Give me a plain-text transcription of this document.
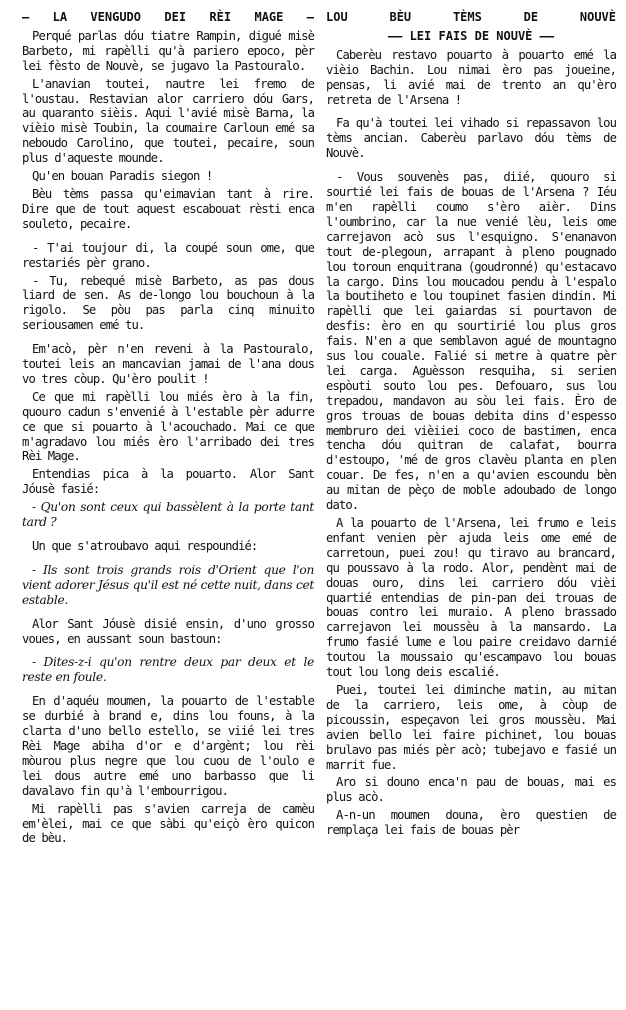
— LA VENGUDO DEI RÈI MAGE —
Perqué parlas dóu tiatre Rampin, digué misè Barbeto, mi rapèlli qu'à pariero epoco, pèr lei fèsto de Nouvè, se jugavo la Pastouralo.
L'anavian toutei, nautre lei fremo de l'oustau. Restavian alor carriero dóu Gars, au quaranto sièis. Aqui l'avié misè Barna, la vièio misè Toubin, la coumaire Carloun emé sa neboudo Carolino, que toutei, pecaire, soun plus d'aqueste mounde.
Qu'en bouan Paradis siegon !
Bèu tèms passa qu'eimavian tant à rire. Dire que de tout aquest escabouat rèsti enca souleto, pecaire.
- T'ai toujour di, la coupé soun ome, que restariés pèr grano.
- Tu, rebequé misè Barbeto, as pas dous liard de sen. As de-longo lou bouchoun à la rigolo. Se pòu pas parla cinq minuito seriousamen emé tu.
Em'acò, pèr n'en reveni à la Pastouralo, toutei leis an mancavian jamai de l'ana dous vo tres còup. Qu'èro poulit !
Ce que mi rapèlli lou miés èro à la fin, quouro cadun s'envenié à l'estable pèr adurre ce que si pouarto à l'acouchado. Mai ce que m'agradavo lou miés èro l'arribado dei tres Rèi Mage.
Entendias pica à la pouarto. Alor Sant Jóusè fasié:
- Qu'on sont ceux qui bassèlent à la porte tant tard ?
Un que s'atroubavo aqui respoundié:
- Ils sont trois grands rois d'Orient que l'on vient adorer Jésus qu'il est né cette nuit, dans cet estable.
Alor Sant Jóusè disié ensin, d'uno grosso voues, en aussant soun bastoun:
- Dites-z-i qu'on rentre deux par deux et le reste en foule.
En d'aquéu moumen, la pouarto de l'estable se durbié à brand e, dins lou founs, à la clarta d'uno bello estello, se viié lei tres Rèi Mage abiha d'or e d'argènt; lou rèi mòurou plus negre que lou cuou de l'oulo e lei dous autre emé uno barbasso que li davalavo fin qu'à l'embourrigou.
Mi rapèlli pas s'avien carreja de camèu em'èlei, mai ce que sàbi qu'eiçò èro quicon de bèu.
LOU BÈU TÈMS DE NOUVÈ
—— LEI FAIS DE NOUVÈ ——
Caberèu restavo pouarto à pouarto emé la vièio Bachin. Lou nimai èro pas joueine, pensas, li avié mai de trento an qu'èro retreta de l'Arsena !
Fa qu'à toutei lei vihado si repassavon lou tèms ancian. Caberèu parlavo dóu tèms de Nouvè.
- Vous souvenès pas, diié, quouro si sourtié lei fais de bouas de l'Arsena ? Iéu m'en rapèlli coumo s'èro aièr. Dins l'oumbrino, car la nue venié lèu, leis ome carrejavon acò sus l'esquigno. S'enanavon tout de-plegoun, arrapant à pleno pougnado lou toroun enquitrana (goudronné) qu'estacavo la cargo. Dins lou moucadou pendu à l'espalo la boutiheto e lou toupinet fasien dindin. Mi rapèlli que lei gaiardas si pourtavon de desfis: èro en qu sourtirié lou plus gros fais. N'en a que semblavon agué de mountagno sus lou couale. Falié si metre à quatre pèr lei carga. Aguèsson resquiha, si serien espòuti souto lou pes. Defouaro, sus lou trepadou, mandavon au sòu lei fais. Èro de gros trouas de bouas debita dins d'espesso membruro dei vièiiei coco de bastimen, enca tencha dóu quitran de calafat, bourra d'estoupo, 'mé de gros clavèu planta en plen couar. De fes, n'en a qu'avien escoundu bèn au mitan de pèço de moble adoubado de longo dato.
A la pouarto de l'Arsena, lei frumo e leis enfant venien pèr ajuda leis ome emé de carretoun, puei zou! qu tiravo au brancard, qu poussavo à la rodo. Alor, pendènt mai de douas ouro, dins lei carriero dóu vièi quartié entendias de pin-pan dei trouas de bouas contro lei muraio. A pleno brassado carrejavon lei moussèu à la mansardo. La frumo fasié lume e lou paire creidavo darnié toutou la moussaio qu'escampavo lou bouas tout lou long deis escalié.
Puei, toutei lei diminche matin, au mitan de la carriero, leis ome, à còup de picoussin, espeçavon lei gros moussèu. Mai avien bello lei faire pichinet, lou bouas brulavo pas miés pèr acò; tubejavo e fasié un marrit fue.
Aro si douno enca'n pau de bouas, mai es plus acò.
A-n-un moumen douna, èro questien de remplaça lei fais de bouas pèr
